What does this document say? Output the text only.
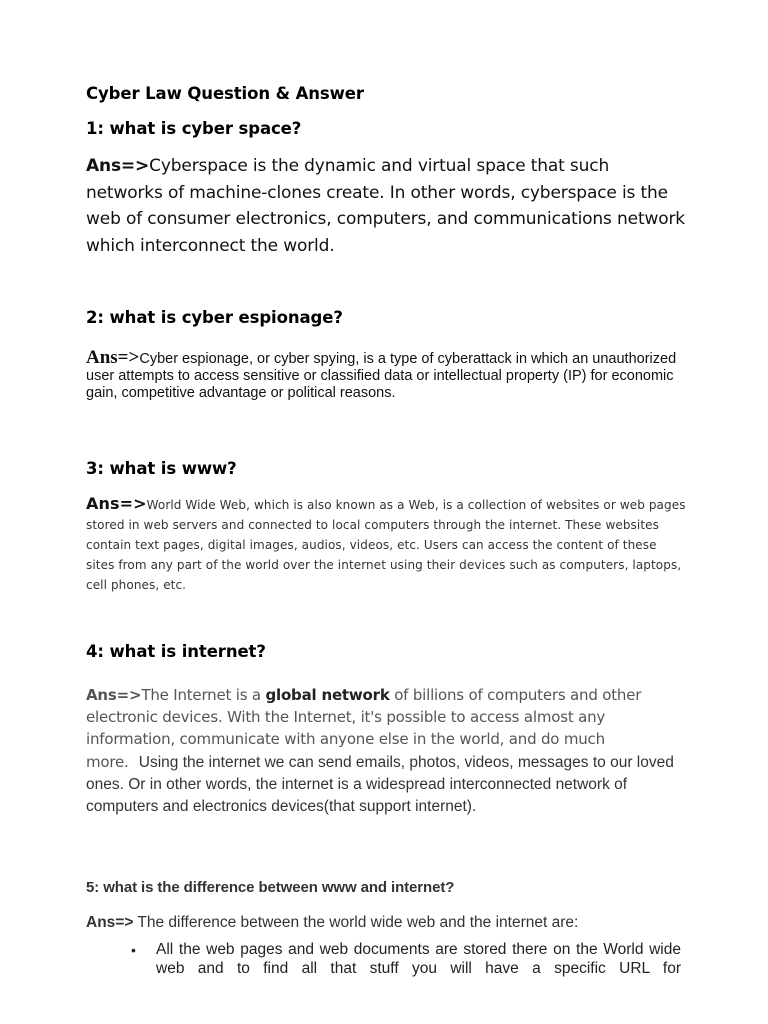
Cyber Law Question & Answer
1: what is cyber space?

Ans=>Cyberspace is the dynamic and virtual space that such networks of machine-clones create. In other words, cyberspace is the web of consumer electronics, computers, and communications network which interconnect the world.

2: what is cyber espionage?

Ans=>Cyber espionage, or cyber spying, is a type of cyberattack in which an unauthorized user attempts to access sensitive or classified data or intellectual property (IP) for economic gain, competitive advantage or political reasons.

3: what is www?

Ans=>World Wide Web, which is also known as a Web, is a collection of websites or web pages stored in web servers and connected to local computers through the internet. These websites contain text pages, digital images, audios, videos, etc. Users can access the content of these sites from any part of the world over the internet using their devices such as computers, laptops, cell phones, etc.

4: what is internet?
Ans=>The Internet is a global network of billions of computers and other electronic devices. With the Internet, it's possible to access almost any information, communicate with anyone else in the world, and do much more. Using the internet we can send emails, photos, videos, messages to our loved ones. Or in other words, the internet is a widespread interconnected network of computers and electronics devices(that support internet).
5: what is the difference between www and internet?

Ans=> The difference between the world wide web and the internet are:

• All the web pages and web documents are stored there on the World wide web and to find all that stuff you will have a specific URL for
